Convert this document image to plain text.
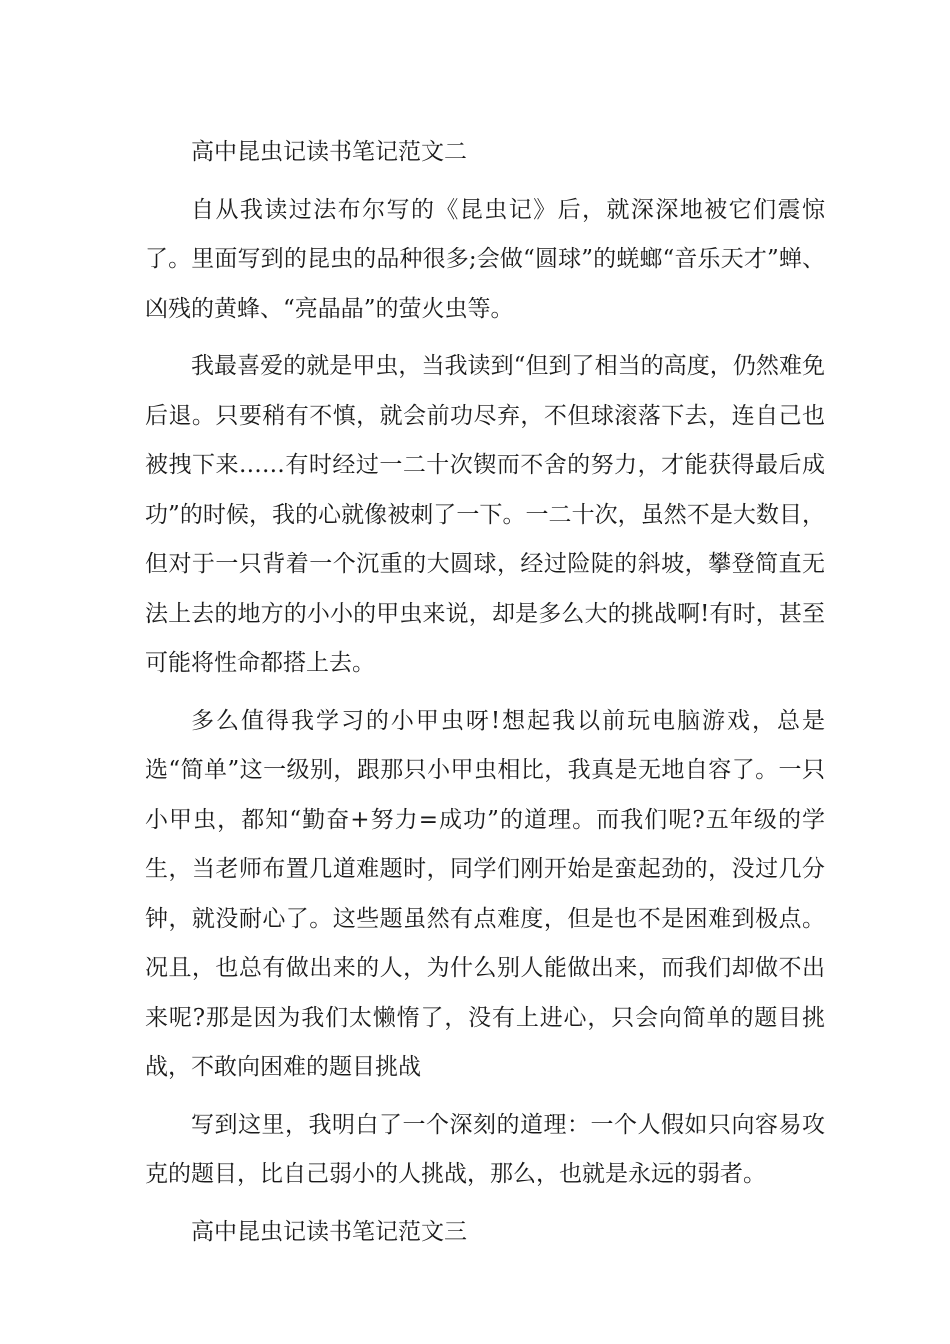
高中昆虫记读书笔记范文二

自从我读过法布尔写的《昆虫记》后，就深深地被它们震惊了。里面写到的昆虫的品种很多;会做“圆球”的蜣螂“音乐天才”蝉、凶残的黄蜂、“亮晶晶”的萤火虫等。

我最喜爱的就是甲虫，当我读到“但到了相当的高度，仍然难免后退。只要稍有不慎，就会前功尽弃，不但球滚落下去，连自己也被拽下来……有时经过一二十次锲而不舍的努力，才能获得最后成功”的时候，我的心就像被刺了一下。一二十次，虽然不是大数目，但对于一只背着一个沉重的大圆球，经过险陡的斜坡，攀登简直无法上去的地方的小小的甲虫来说，却是多么大的挑战啊!有时，甚至可能将性命都搭上去。

多么值得我学习的小甲虫呀!想起我以前玩电脑游戏，总是选“简单”这一级别，跟那只小甲虫相比，我真是无地自容了。一只小甲虫，都知“勤奋+努力=成功”的道理。而我们呢?五年级的学生，当老师布置几道难题时，同学们刚开始是蛮起劲的，没过几分钟，就没耐心了。这些题虽然有点难度，但是也不是困难到极点。况且，也总有做出来的人，为什么别人能做出来，而我们却做不出来呢?那是因为我们太懒惰了，没有上进心，只会向简单的题目挑战，不敢向困难的题目挑战

写到这里，我明白了一个深刻的道理：一个人假如只向容易攻克的题目，比自己弱小的人挑战，那么，也就是永远的弱者。

高中昆虫记读书笔记范文三
